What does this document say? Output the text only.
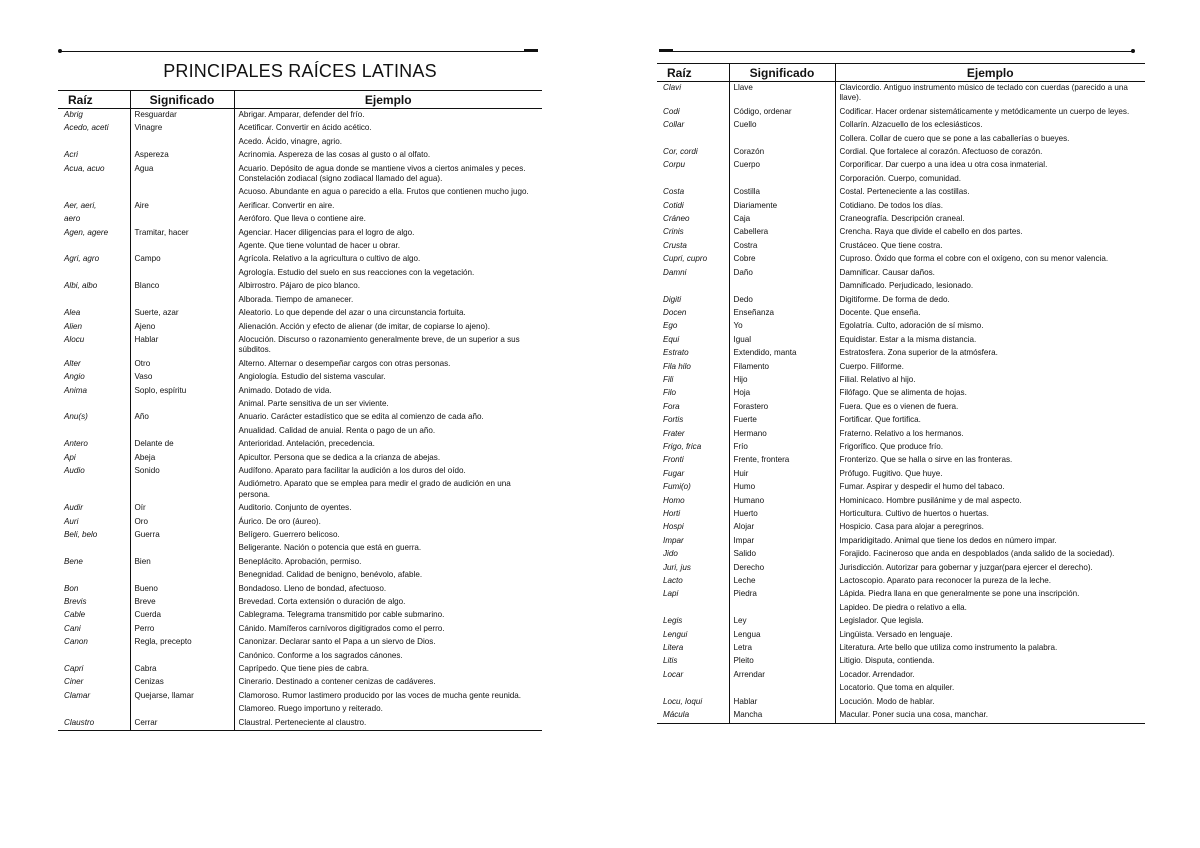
PRINCIPALES RAÍCES LATINAS
Raíz	Significado	Ejemplo
Abrig	Resguardar	Abrigar. Amparar, defender del frío.
Acedo, aceti	Vinagre	Acetificar. Convertir en ácido acético.
		Acedo. Ácido, vinagre, agrio.
Acri	Aspereza	Acrinomia. Aspereza de las cosas al gusto o al olfato.
Acua, acuo	Agua	Acuario. Depósito de agua donde se mantiene vivos a ciertos animales y peces. Constelación zodiacal (signo zodiacal llamado del agua).
		Acuoso. Abundante en agua o parecido a ella. Frutos que contienen mucho jugo.
Aer, aeri,	Aire	Aerificar. Convertir en aire.
aero		Aeróforo. Que lleva o contiene aire.
Agen, agere	Tramitar, hacer	Agenciar. Hacer diligencias para el logro de algo.
		Agente. Que tiene voluntad de hacer u obrar.
Agri, agro	Campo	Agrícola. Relativo a la agricultura o cultivo de algo.
		Agrología. Estudio del suelo en sus reacciones con la vegetación.
Albi, albo	Blanco	Albirrostro. Pájaro de pico blanco.
		Alborada. Tiempo de amanecer.
Alea	Suerte, azar	Aleatorio. Lo que depende del azar o una circunstancia fortuita.
Alien	Ajeno	Alienación. Acción y efecto de alienar (de imitar, de copiarse lo ajeno).
Alocu	Hablar	Alocución. Discurso o razonamiento generalmente breve, de un superior a sus súbditos.
Alter	Otro	Alterno. Alternar o desempeñar cargos con otras personas.
Angio	Vaso	Angiología. Estudio del sistema vascular.
Anima	Soplo, espíritu	Animado. Dotado de vida.
		Animal. Parte sensitiva de un ser viviente.
Anu(s)	Año	Anuario. Carácter estadístico que se edita al comienzo de cada año.
		Anualidad. Calidad de anuial. Renta o pago de un año.
Antero	Delante de	Anterioridad. Antelación, precedencia.
Api	Abeja	Apicultor. Persona que se dedica a la crianza de abejas.
Audio	Sonido	Audífono. Aparato para facilitar la audición a los duros del oído.
		Audiómetro. Aparato que se emplea para medir el grado de audición en una persona.
Audir	Oír	Auditorio. Conjunto de oyentes.
Auri	Oro	Áurico. De oro (áureo).
Beli, belo	Guerra	Belígero. Guerrero belicoso.
		Beligerante. Nación o potencia que está en guerra.
Bene	Bien	Beneplácito. Aprobación, permiso.
		Benegnidad. Calidad de benigno, benévolo, afable.
Bon	Bueno	Bondadoso. Lleno de bondad, afectuoso.
Brevis	Breve	Brevedad. Corta extensión o duración de algo.
Cable	Cuerda	Cablegrama. Telegrama transmitido por cable submarino.
Cani	Perro	Cánido. Mamíferos carnívoros digitigrados como el perro.
Canon	Regla, precepto	Canonizar. Declarar santo el Papa a un siervo de Dios.
		Canónico. Conforme a los sagrados cánones.
Capri	Cabra	Caprípedo. Que tiene pies de cabra.
Ciner	Cenizas	Cinerario. Destinado a contener cenizas de cadáveres.
Clamar	Quejarse, llamar	Clamoroso. Rumor lastimero producido por las voces de mucha gente reunida.
		Clamoreo. Ruego importuno y reiterado.
Claustro	Cerrar	Claustral. Perteneciente al claustro.
Raíz	Significado	Ejemplo
Clavi	Llave	Clavicordio. Antiguo instrumento músico de teclado con cuerdas (parecido a una llave).
Codi	Código, ordenar	Codificar. Hacer ordenar sistemáticamente y metódicamente un cuerpo de leyes.
Collar	Cuello	Collarín. Alzacuello de los eclesiásticos.
		Collera. Collar de cuero que se pone a las caballerías o bueyes.
Cor, cordi	Corazón	Cordial. Que fortalece al corazón. Afectuoso de corazón.
Corpu	Cuerpo	Corporificar. Dar cuerpo a una idea u otra cosa inmaterial.
		Corporación. Cuerpo, comunidad.
Costa	Costilla	Costal. Perteneciente a las costillas.
Cotidi	Diariamente	Cotidiano. De todos los días.
Cráneo	Caja	Craneografía. Descripción craneal.
Crinis	Cabellera	Crencha. Raya que divide el cabello en dos partes.
Crusta	Costra	Crustáceo. Que tiene costra.
Cupri, cupro	Cobre	Cuproso. Óxido que forma el cobre con el oxígeno, con su menor valencia.
Damni	Daño	Damnificar. Causar daños.
		Damnificado. Perjudicado, lesionado.
Digiti	Dedo	Digitiforme. De forma de dedo.
Docen	Enseñanza	Docente. Que enseña.
Ego	Yo	Egolatría. Culto, adoración de sí mismo.
Equi	Igual	Equidistar. Estar a la misma distancia.
Estrato	Extendido, manta	Estratosfera. Zona superior de la atmósfera.
Fila hilo	Filamento	Cuerpo. Filiforme.
Fili	Hijo	Filial. Relativo al hijo.
Filo	Hoja	Filófago. Que se alimenta de hojas.
Fora	Forastero	Fuera. Que es o vienen de fuera.
Fortis	Fuerte	Fortificar. Que fortifica.
Frater	Hermano	Fraterno. Relativo a los hermanos.
Frigo, frica	Frío	Frigorífico. Que produce frío.
Fronti	Frente, frontera	Fronterizo. Que se halla o sirve en las fronteras.
Fugar	Huir	Prófugo. Fugitivo. Que huye.
Fumi(o)	Humo	Fumar. Aspirar y despedir el humo del tabaco.
Homo	Humano	Hominicaco. Hombre pusilánime y de mal aspecto.
Horti	Huerto	Horticultura. Cultivo de huertos o huertas.
Hospi	Alojar	Hospicio. Casa para alojar a peregrinos.
Impar	Impar	Imparidigitado. Animal que tiene los dedos en número impar.
Jido	Salido	Forajido. Facineroso que anda en despoblados (anda salido de la sociedad).
Juri, jus	Derecho	Jurisdicción. Autorizar para gobernar y juzgar(para ejercer el derecho).
Lacto	Leche	Lactoscopio. Aparato para reconocer la pureza de la leche.
Lapi	Piedra	Lápida. Piedra llana en que generalmente se pone una inscripción.
		Lapideo. De piedra o relativo a ella.
Legis	Ley	Legislador. Que legisla.
Lengui	Lengua	Lingüista. Versado en lenguaje.
Litera	Letra	Literatura. Arte bello que utiliza como instrumento la palabra.
Litis	Pleito	Litigio. Disputa, contienda.
Locar	Arrendar	Locador. Arrendador.
		Locatorio. Que toma en alquiler.
Locu, loqui	Hablar	Locución. Modo de hablar.
Mácula	Mancha	Macular. Poner sucia una cosa, manchar.
